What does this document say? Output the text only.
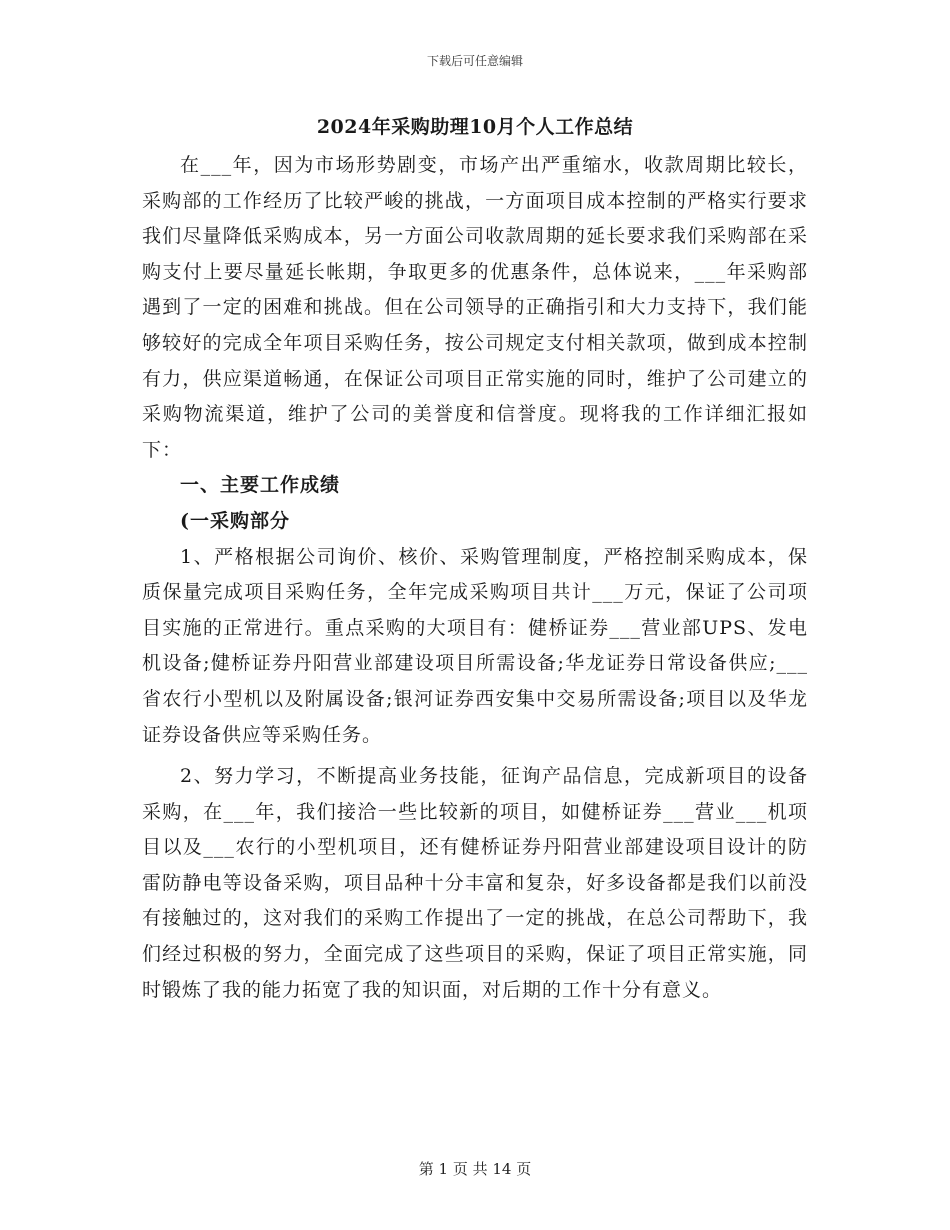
下载后可任意编辑
2024年采购助理10月个人工作总结

在___年，因为市场形势剧变，市场产出严重缩水，收款周期比较长，采购部的工作经历了比较严峻的挑战，一方面项目成本控制的严格实行要求我们尽量降低采购成本，另一方面公司收款周期的延长要求我们采购部在采购支付上要尽量延长帐期，争取更多的优惠条件，总体说来，___年采购部遇到了一定的困难和挑战。但在公司领导的正确指引和大力支持下，我们能够较好的完成全年项目采购任务，按公司规定支付相关款项，做到成本控制有力，供应渠道畅通，在保证公司项目正常实施的同时，维护了公司建立的采购物流渠道，维护了公司的美誉度和信誉度。现将我的工作详细汇报如下：

一、主要工作成绩
(一采购部分

1、严格根据公司询价、核价、采购管理制度，严格控制采购成本，保质保量完成项目采购任务，全年完成采购项目共计___万元，保证了公司项目实施的正常进行。重点采购的大项目有：健桥证券___营业部UPS、发电机设备;健桥证券丹阳营业部建设项目所需设备;华龙证券日常设备供应;___省农行小型机以及附属设备;银河证券西安集中交易所需设备;项目以及华龙证券设备供应等采购任务。

2、努力学习，不断提高业务技能，征询产品信息，完成新项目的设备采购，在___年，我们接洽一些比较新的项目，如健桥证券___营业___机项目以及___农行的小型机项目，还有健桥证券丹阳营业部建设项目设计的防雷防静电等设备采购，项目品种十分丰富和复杂，好多设备都是我们以前没有接触过的，这对我们的采购工作提出了一定的挑战，在总公司帮助下，我们经过积极的努力，全面完成了这些项目的采购，保证了项目正常实施，同时锻炼了我的能力拓宽了我的知识面，对后期的工作十分有意义。

第 1 页 共 14 页
